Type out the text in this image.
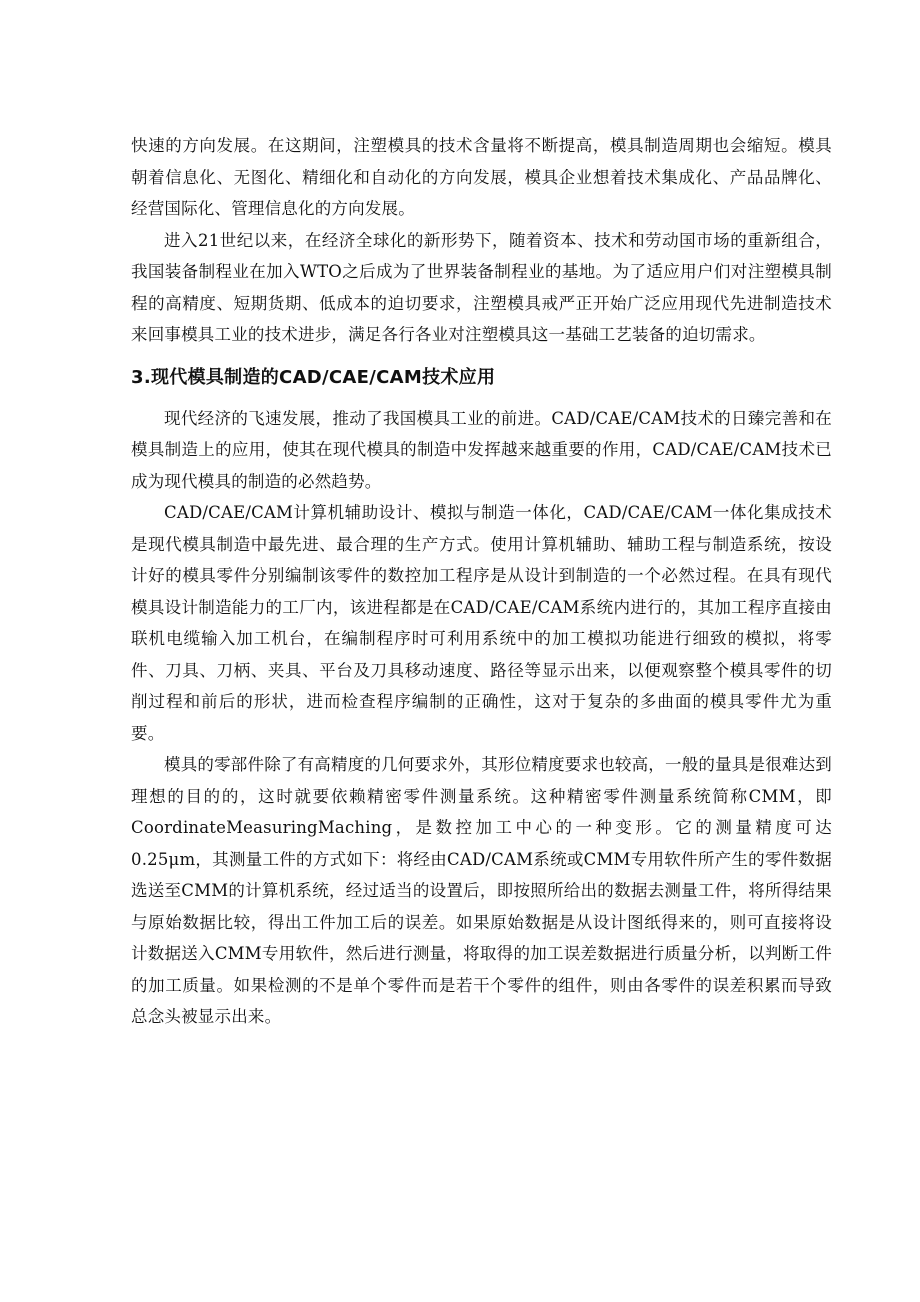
快速的方向发展。在这期间，注塑模具的技术含量将不断提高，模具制造周期也会缩短。模具朝着信息化、无图化、精细化和自动化的方向发展，模具企业想着技术集成化、产品品牌化、经营国际化、管理信息化的方向发展。

进入21世纪以来，在经济全球化的新形势下，随着资本、技术和劳动国市场的重新组合，我国装备制程业在加入WTO之后成为了世界装备制程业的基地。为了适应用户们对注塑模具制程的高精度、短期货期、低成本的迫切要求，注塑模具戒严正开始广泛应用现代先进制造技术来回事模具工业的技术进步，满足各行各业对注塑模具这一基础工艺装备的迫切需求。

3.现代模具制造的CAD/CAE/CAM技术应用

现代经济的飞速发展，推动了我国模具工业的前进。CAD/CAE/CAM技术的日臻完善和在模具制造上的应用，使其在现代模具的制造中发挥越来越重要的作用，CAD/CAE/CAM技术已成为现代模具的制造的必然趋势。

CAD/CAE/CAM计算机辅助设计、模拟与制造一体化，CAD/CAE/CAM一体化集成技术是现代模具制造中最先进、最合理的生产方式。使用计算机辅助、辅助工程与制造系统，按设计好的模具零件分别编制该零件的数控加工程序是从设计到制造的一个必然过程。在具有现代模具设计制造能力的工厂内，该进程都是在CAD/CAE/CAM系统内进行的，其加工程序直接由联机电缆输入加工机台，在编制程序时可利用系统中的加工模拟功能进行细致的模拟，将零件、刀具、刀柄、夹具、平台及刀具移动速度、路径等显示出来，以便观察整个模具零件的切削过程和前后的形状，进而检查程序编制的正确性，这对于复杂的多曲面的模具零件尤为重要。

模具的零部件除了有高精度的几何要求外，其形位精度要求也较高，一般的量具是很难达到理想的目的的，这时就要依赖精密零件测量系统。这种精密零件测量系统简称CMM，即CoordinateMeasuringMaching，是数控加工中心的一种变形。它的测量精度可达0.25μm，其测量工件的方式如下：将经由CAD/CAM系统或CMM专用软件所产生的零件数据选送至CMM的计算机系统，经过适当的设置后，即按照所给出的数据去测量工件，将所得结果与原始数据比较，得出工件加工后的误差。如果原始数据是从设计图纸得来的，则可直接将设计数据送入CMM专用软件，然后进行测量，将取得的加工误差数据进行质量分析，以判断工件的加工质量。如果检测的不是单个零件而是若干个零件的组件，则由各零件的误差积累而导致总念头被显示出来。
